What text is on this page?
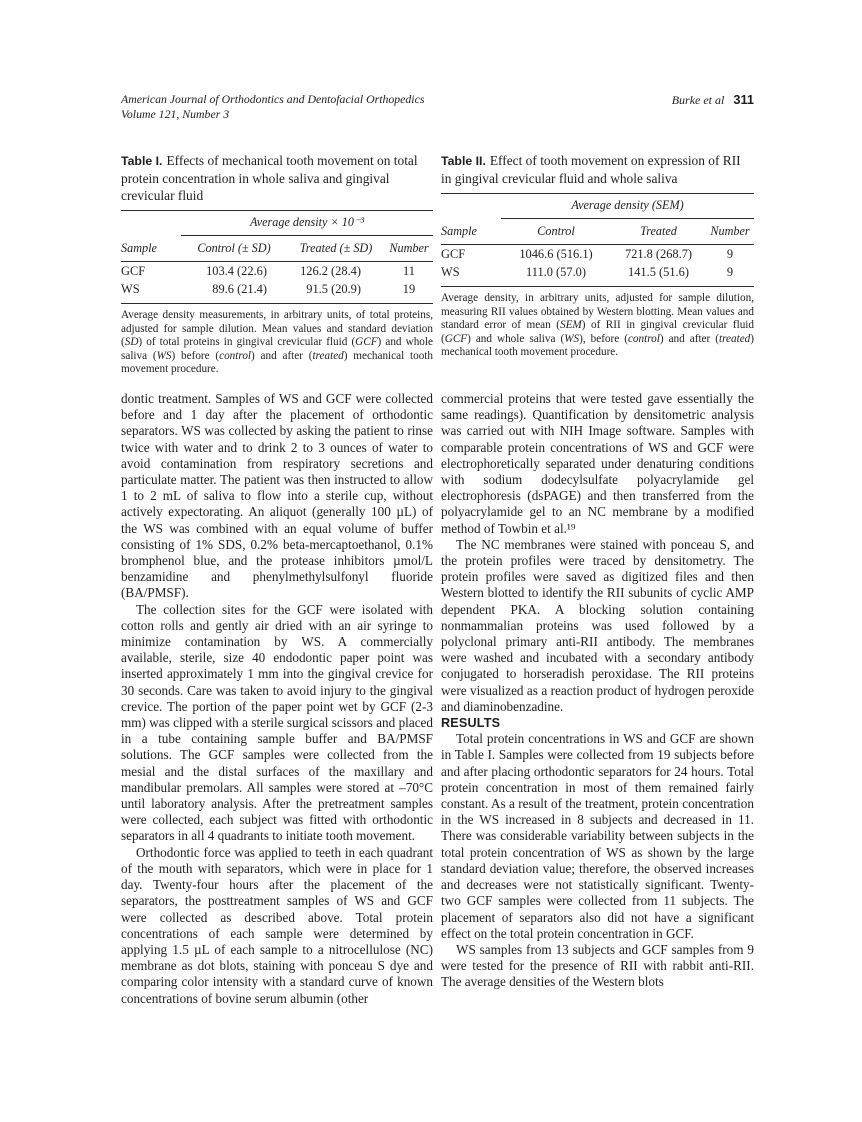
American Journal of Orthodontics and Dentofacial Orthopedics
Volume 121, Number 3
Burke et al 311

Table I. Effects of mechanical tooth movement on total protein concentration in whole saliva and gingival crevicular fluid

	Average density × 10⁻³		
Sample	Control (± SD)	Treated (± SD)	Number
GCF	103.4 (22.6)	126.2 (28.4)	11
WS	89.6 (21.4)	91.5 (20.9)	19

Average density measurements, in arbitrary units, of total proteins, adjusted for sample dilution. Mean values and standard deviation (SD) of total proteins in gingival crevicular fluid (GCF) and whole saliva (WS) before (control) and after (treated) mechanical tooth movement procedure.

dontic treatment. Samples of WS and GCF were collected before and 1 day after the placement of orthodontic separators. WS was collected by asking the patient to rinse twice with water and to drink 2 to 3 ounces of water to avoid contamination from respiratory secretions and particulate matter. The patient was then instructed to allow 1 to 2 mL of saliva to flow into a sterile cup, without actively expectorating. An aliquot (generally 100 µL) of the WS was combined with an equal volume of buffer consisting of 1% SDS, 0.2% beta-mercaptoethanol, 0.1% bromphenol blue, and the protease inhibitors µmol/L benzamidine and phenylmethylsulfonyl fluoride (BA/PMSF).

The collection sites for the GCF were isolated with cotton rolls and gently air dried with an air syringe to minimize contamination by WS. A commercially available, sterile, size 40 endodontic paper point was inserted approximately 1 mm into the gingival crevice for 30 seconds. Care was taken to avoid injury to the gingival crevice. The portion of the paper point wet by GCF (2-3 mm) was clipped with a sterile surgical scissors and placed in a tube containing sample buffer and BA/PMSF solutions. The GCF samples were collected from the mesial and the distal surfaces of the maxillary and mandibular premolars. All samples were stored at –70°C until laboratory analysis. After the pretreatment samples were collected, each subject was fitted with orthodontic separators in all 4 quadrants to initiate tooth movement.

Orthodontic force was applied to teeth in each quadrant of the mouth with separators, which were in place for 1 day. Twenty-four hours after the placement of the separators, the posttreatment samples of WS and GCF were collected as described above. Total protein concentrations of each sample were determined by applying 1.5 µL of each sample to a nitrocellulose (NC) membrane as dot blots, staining with ponceau S dye and comparing color intensity with a standard curve of known concentrations of bovine serum albumin (other

Table II. Effect of tooth movement on expression of RII in gingival crevicular fluid and whole saliva

	Average density (SEM)		
Sample	Control	Treated	Number
GCF	1046.6 (516.1)	721.8 (268.7)	9
WS	111.0 (57.0)	141.5 (51.6)	9

Average density, in arbitrary units, adjusted for sample dilution, measuring RII values obtained by Western blotting. Mean values and standard error of mean (SEM) of RII in gingival crevicular fluid (GCF) and whole saliva (WS), before (control) and after (treated) mechanical tooth movement procedure.

commercial proteins that were tested gave essentially the same readings). Quantification by densitometric analysis was carried out with NIH Image software. Samples with comparable protein concentrations of WS and GCF were electrophoretically separated under denaturing conditions with sodium dodecylsulfate polyacrylamide gel electrophoresis (dsPAGE) and then transferred from the polyacrylamide gel to an NC membrane by a modified method of Towbin et al.¹⁹

The NC membranes were stained with ponceau S, and the protein profiles were traced by densitometry. The protein profiles were saved as digitized files and then Western blotted to identify the RII subunits of cyclic AMP dependent PKA. A blocking solution containing nonmammalian proteins was used followed by a polyclonal primary anti-RII antibody. The membranes were washed and incubated with a secondary antibody conjugated to horseradish peroxidase. The RII proteins were visualized as a reaction product of hydrogen peroxide and diaminobenzadine.

RESULTS

Total protein concentrations in WS and GCF are shown in Table I. Samples were collected from 19 subjects before and after placing orthodontic separators for 24 hours. Total protein concentration in most of them remained fairly constant. As a result of the treatment, protein concentration in the WS increased in 8 subjects and decreased in 11. There was considerable variability between subjects in the total protein concentration of WS as shown by the large standard deviation value; therefore, the observed increases and decreases were not statistically significant. Twenty-two GCF samples were collected from 11 subjects. The placement of separators also did not have a significant effect on the total protein concentration in GCF.

WS samples from 13 subjects and GCF samples from 9 were tested for the presence of RII with rabbit anti-RII. The average densities of the Western blots
